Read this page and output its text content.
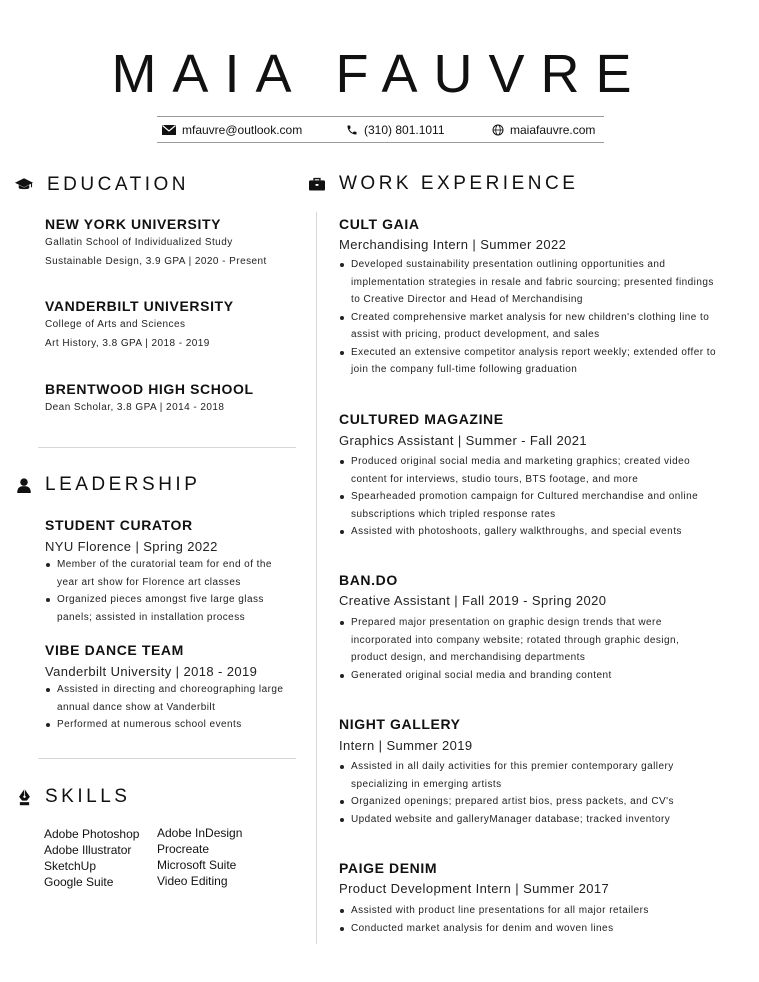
MAIA FAUVRE
mfauvre@outlook.com	(310) 801.1011	maiafauvre.com
EDUCATION
NEW YORK UNIVERSITY
Gallatin School of Individualized Study
Sustainable Design, 3.9 GPA | 2020 - Present
VANDERBILT UNIVERSITY
College of Arts and Sciences
Art History, 3.8 GPA | 2018 - 2019
BRENTWOOD HIGH SCHOOL
Dean Scholar, 3.8 GPA | 2014 - 2018
LEADERSHIP
STUDENT CURATOR
NYU Florence | Spring 2022
Member of the curatorial team for end of the
year art show for Florence art classes
Organized pieces amongst five large glass
panels; assisted in installation process
VIBE DANCE TEAM
Vanderbilt University | 2018 - 2019
Assisted in directing and choreographing large
annual dance show at Vanderbilt
Performed at numerous school events
SKILLS
Adobe Photoshop
Adobe Illustrator
SketchUp
Google Suite
Adobe InDesign
Procreate
Microsoft Suite
Video Editing
WORK EXPERIENCE
CULT GAIA
Merchandising Intern | Summer 2022
Developed sustainability presentation outlining opportunities and
implementation strategies in resale and fabric sourcing; presented findings
to Creative Director and Head of Merchandising
Created comprehensive market analysis for new children's clothing line to
assist with pricing, product development, and sales
Executed an extensive competitor analysis report weekly; extended offer to
join the company full-time following graduation
CULTURED MAGAZINE
Graphics Assistant | Summer - Fall 2021
Produced original social media and marketing graphics; created video
content for interviews, studio tours, BTS footage, and more
Spearheaded promotion campaign for Cultured merchandise and online
subscriptions which tripled response rates
Assisted with photoshoots, gallery walkthroughs, and special events
BAN.DO
Creative Assistant | Fall 2019 - Spring 2020
Prepared major presentation on graphic design trends that were
incorporated into company website; rotated through graphic design,
product design, and merchandising departments
Generated original social media and branding content
NIGHT GALLERY
Intern | Summer 2019
Assisted in all daily activities for this premier contemporary gallery
specializing in emerging artists
Organized openings; prepared artist bios, press packets, and CV's
Updated website and galleryManager database; tracked inventory
PAIGE DENIM
Product Development Intern | Summer 2017
Assisted with product line presentations for all major retailers
Conducted market analysis for denim and woven lines
